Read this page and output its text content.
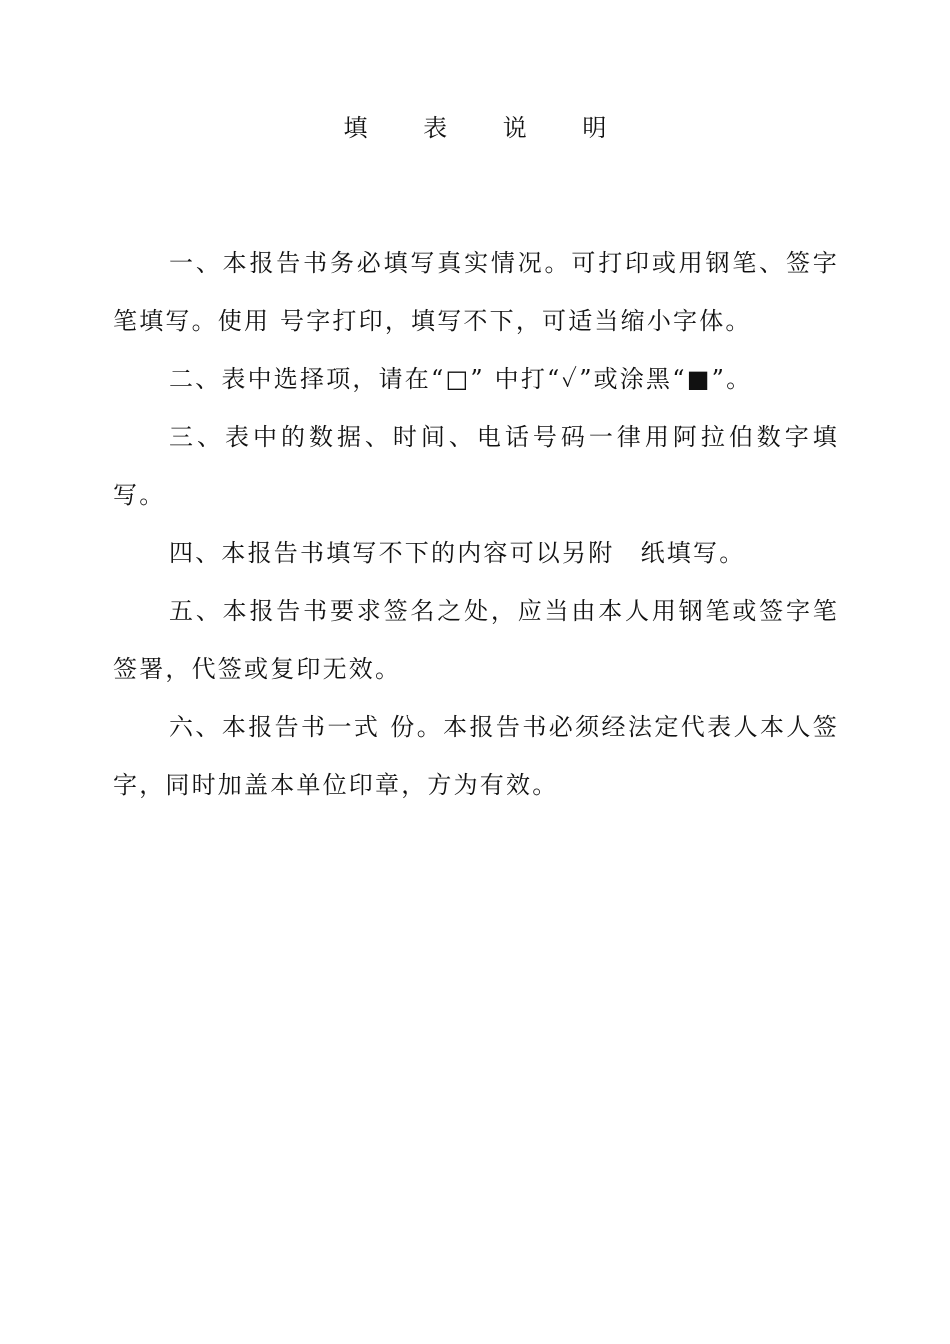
填 表 说 明

一、本报告书务必填写真实情况。可打印或用钢笔、签字笔填写。使用 号字打印，填写不下，可适当缩小字体。

二、表中选择项，请在“□” 中打“✓”或涂黑“■”。

三、表中的数据、时间、电话号码一律用阿拉伯数字填写。

四、本报告书填写不下的内容可以另附　纸填写。

五、本报告书要求签名之处，应当由本人用钢笔或签字笔签署，代签或复印无效。

六、本报告书一式 份。本报告书必须经法定代表人本人签字，同时加盖本单位印章，方为有效。
